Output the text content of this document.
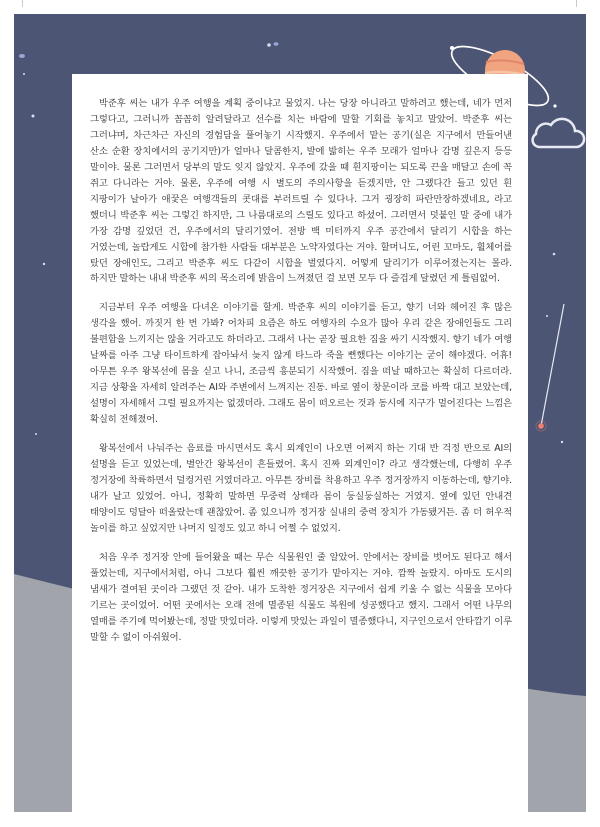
박준후 씨는 내가 우주 여행을 계획 중이냐고 물었지. 나는 당장 아니라고 말하려고 했는데, 네가 먼저 그렇다고, 그러니까 꼼꼼히 알려달라고 선수를 치는 바람에 말할 기회를 놓치고 말았어. 박준후 씨는 그러냐며, 차근차근 자신의 경험담을 풀어놓기 시작했지. 우주에서 맡는 공기(실은 지구에서 만들어낸 산소 순환 장치에서의 공기지만)가 얼마나 달콤한지, 발에 밟히는 우주 모래가 얼마나 감명 깊은지 등등 말이야. 물론 그러면서 당부의 말도 잊지 않았지. 우주에 갔을 때 흰지팡이는 되도록 끈을 매달고 손에 꼭 쥐고 다니라는 거야. 물론, 우주에 여행 시 별도의 주의사항을 듣겠지만, 안 그랬다간 들고 있던 흰 지팡이가 날아가 애꿎은 여행객들의 콧대를 부러트릴 수 있다나. 그거 굉장히 파란만장하겠네요, 라고 했더니 박준후 씨는 그렇긴 하지만, 그 나름대로의 스릴도 있다고 하셨어. 그러면서 덧붙인 말 중에 내가 가장 감명 깊었던 건, 우주에서의 달리기였어. 전방 백 미터까지 우주 공간에서 달리기 시합을 하는 거였는데, 놀랍게도 시합에 참가한 사람들 대부분은 노약자였다는 거야. 할머니도, 어린 꼬마도, 휠체어를 탔던 장애인도, 그리고 박준후 씨도 다같이 시합을 벌였다지. 어떻게 달리기가 이루어졌는지는 몰라. 하지만 말하는 내내 박준후 씨의 목소리에 밝음이 느껴졌던 걸 보면 모두 다 즐겁게 달렸던 게 틀림없어.

지금부터 우주 여행을 다녀온 이야기를 할게. 박준후 씨의 이야기를 듣고, 향기 너와 헤어진 후 많은 생각을 했어. 까짓거 한 번 가봐? 어차피 요즘은 하도 여행자의 수요가 많아 우리 같은 장애인들도 그리 불편함을 느끼지는 않을 거라고도 하더라고. 그래서 나는 곧장 필요한 짐을 싸기 시작했지. 향기 네가 여행 날짜를 아주 그냥 타이트하게 잡아놔서 늦지 않게 타느라 죽을 뻔했다는 이야기는 굳이 해야겠다. 어휴! 아무튼 우주 왕복선에 몸을 싣고 나니, 조금씩 흥분되기 시작했어. 짐을 떠날 때하고는 확실히 다르더라. 지금 상황을 자세히 알려주는 AI와 주변에서 느껴지는 진동. 바로 옆이 창문이라 코를 바짝 대고 보았는데, 설명이 자세해서 그럴 필요까지는 없겠더라. 그래도 몸이 떠오르는 것과 동시에 지구가 멀어진다는 느낌은 확실히 전해졌어.

왕복선에서 나눠주는 음료를 마시면서도 혹시 외계인이 나오면 어쩌지 하는 기대 반 걱정 반으로 AI의 설명을 듣고 있었는데, 별안간 왕복선이 흔들렸어. 혹시 진짜 외계인이? 라고 생각했는데, 다행히 우주 정거장에 착륙하면서 덜컹거린 거였더라고. 아무튼 장비를 착용하고 우주 정거장까지 이동하는데, 향기야. 내가 날고 있었어. 아니, 정확히 말하면 무중력 상태라 몸이 둥실둥실하는 거였지. 옆에 있던 안내견 태양이도 덩달아 떠올랐는데 괜찮았어. 좀 있으니까 정거장 실내의 중력 장치가 가동됐거든. 좀 더 허우적 놀이를 하고 싶었지만 나머지 일정도 있고 하니 어쩔 수 없었지.

처음 우주 정거장 안에 들어왔을 때는 무슨 식물원인 줄 알았어. 안에서는 장비를 벗어도 된다고 해서 풀었는데, 지구에서처럼, 아니 그보다 훨씬 깨끗한 공기가 맡아지는 거야. 깜짝 놀랐지. 아마도 도시의 냄새가 결여된 곳이라 그랬던 것 같아. 내가 도착한 정거장은 지구에서 쉽게 키울 수 없는 식물을 모아다 기르는 곳이었어. 어떤 곳에서는 오래 전에 멸종된 식물도 복원에 성공했다고 했지. 그래서 어떤 나무의 열매를 주기에 먹어봤는데, 정말 맛있더라. 이렇게 맛있는 과일이 멸종했다니, 지구인으로서 안타깝기 이루 말할 수 없이 아쉬웠어.
